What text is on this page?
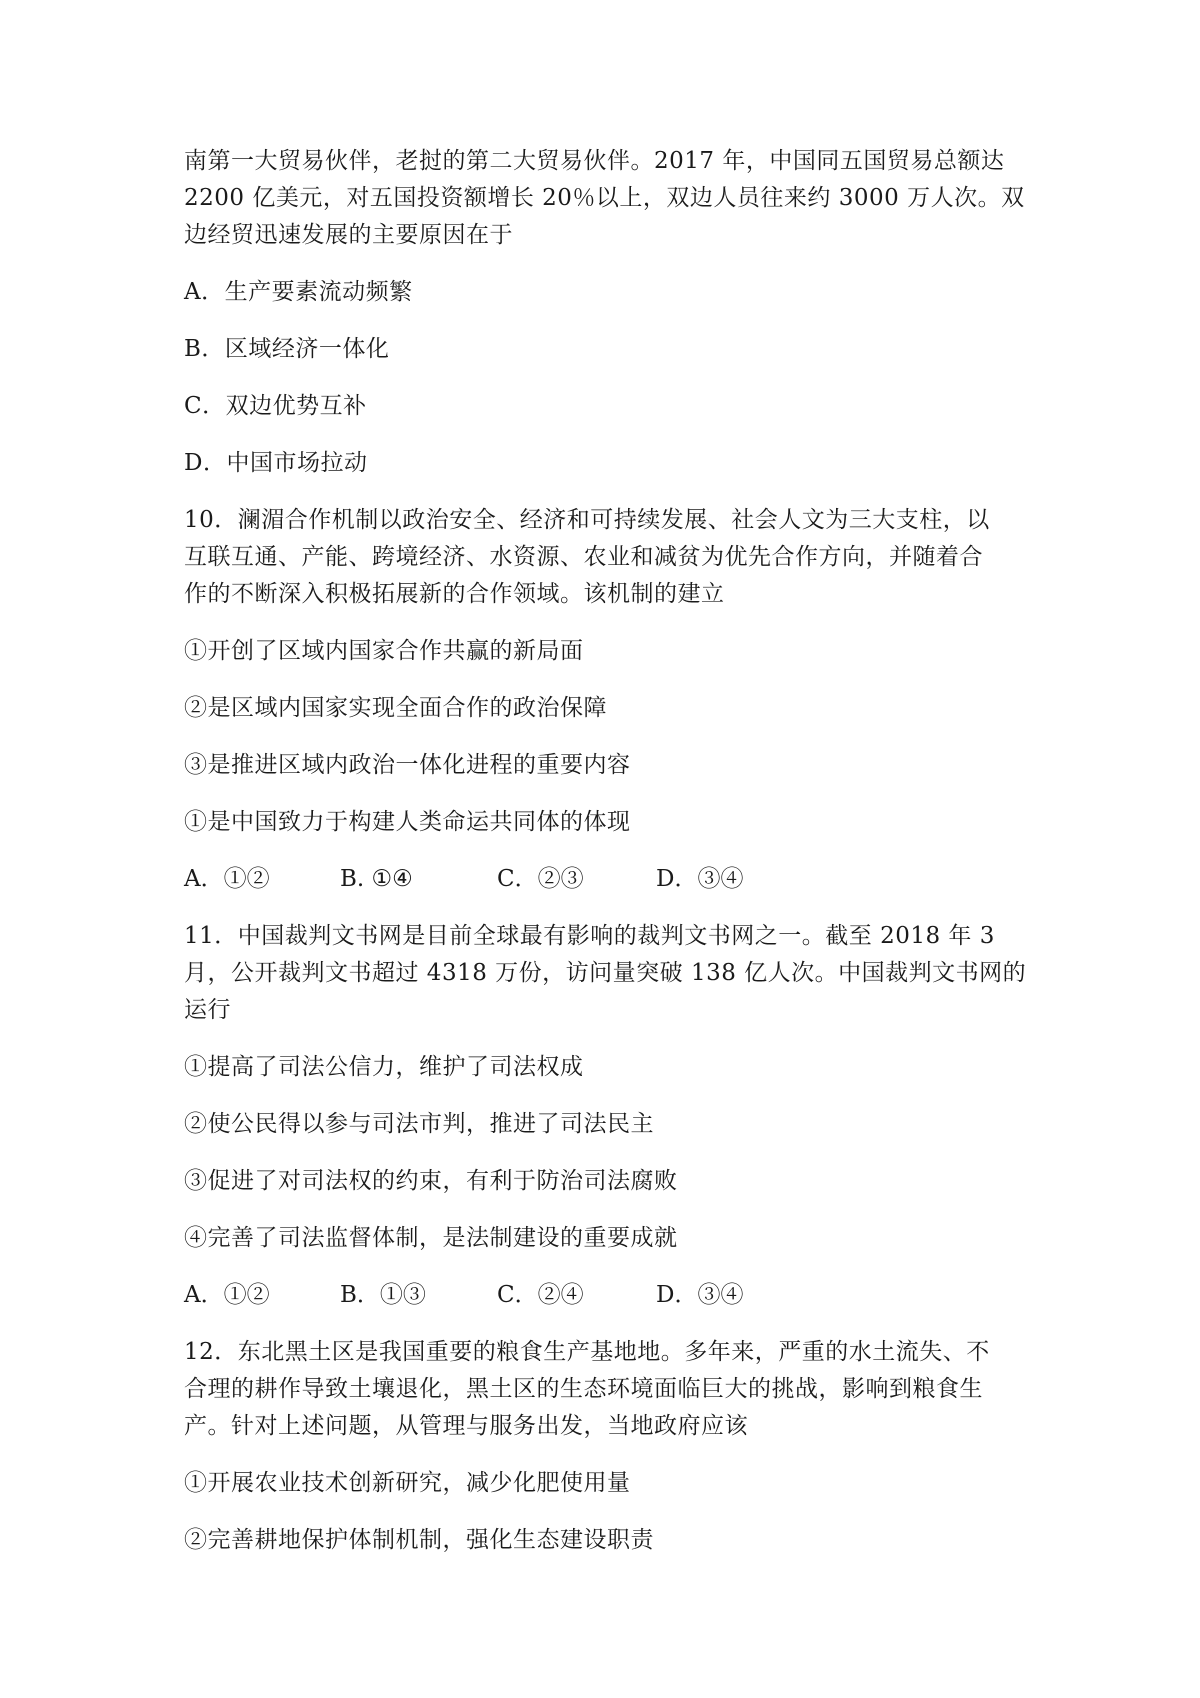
南第一大贸易伙伴，老挝的第二大贸易伙伴。2017 年，中国同五国贸易总额达
2200 亿美元，对五国投资额增长 20％以上，双边人员往来约 3000 万人次。双
边经贸迅速发展的主要原因在于
A．生产要素流动频繁
B．区域经济一体化
C．双边优势互补
D．中国市场拉动
10．澜湄合作机制以政治安全、经济和可持续发展、社会人文为三大支柱，以
互联互通、产能、跨境经济、水资源、农业和减贫为优先合作方向，并随着合
作的不断深入积极拓展新的合作领域。该机制的建立
①开创了区域内国家合作共赢的新局面
②是区域内国家实现全面合作的政治保障
③是推进区域内政治一体化进程的重要内容
①是中国致力于构建人类命运共同体的体现
A．①②	B. ①④	C．②③	D．③④
11．中国裁判文书网是目前全球最有影响的裁判文书网之一。截至 2018 年 3
月，公开裁判文书超过 4318 万份，访问量突破 138 亿人次。中国裁判文书网的
运行
①提高了司法公信力，维护了司法权成
②使公民得以参与司法市判，推进了司法民主
③促进了对司法权的约束，有利于防治司法腐败
④完善了司法监督体制，是法制建设的重要成就
A．①②	B．①③	C．②④	D．③④
12．东北黑土区是我国重要的粮食生产基地地。多年来，严重的水土流失、不
合理的耕作导致土壤退化，黑土区的生态环境面临巨大的挑战，影响到粮食生
产。针对上述问题，从管理与服务出发，当地政府应该
①开展农业技术创新研究，减少化肥使用量
②完善耕地保护体制机制，强化生态建设职责
